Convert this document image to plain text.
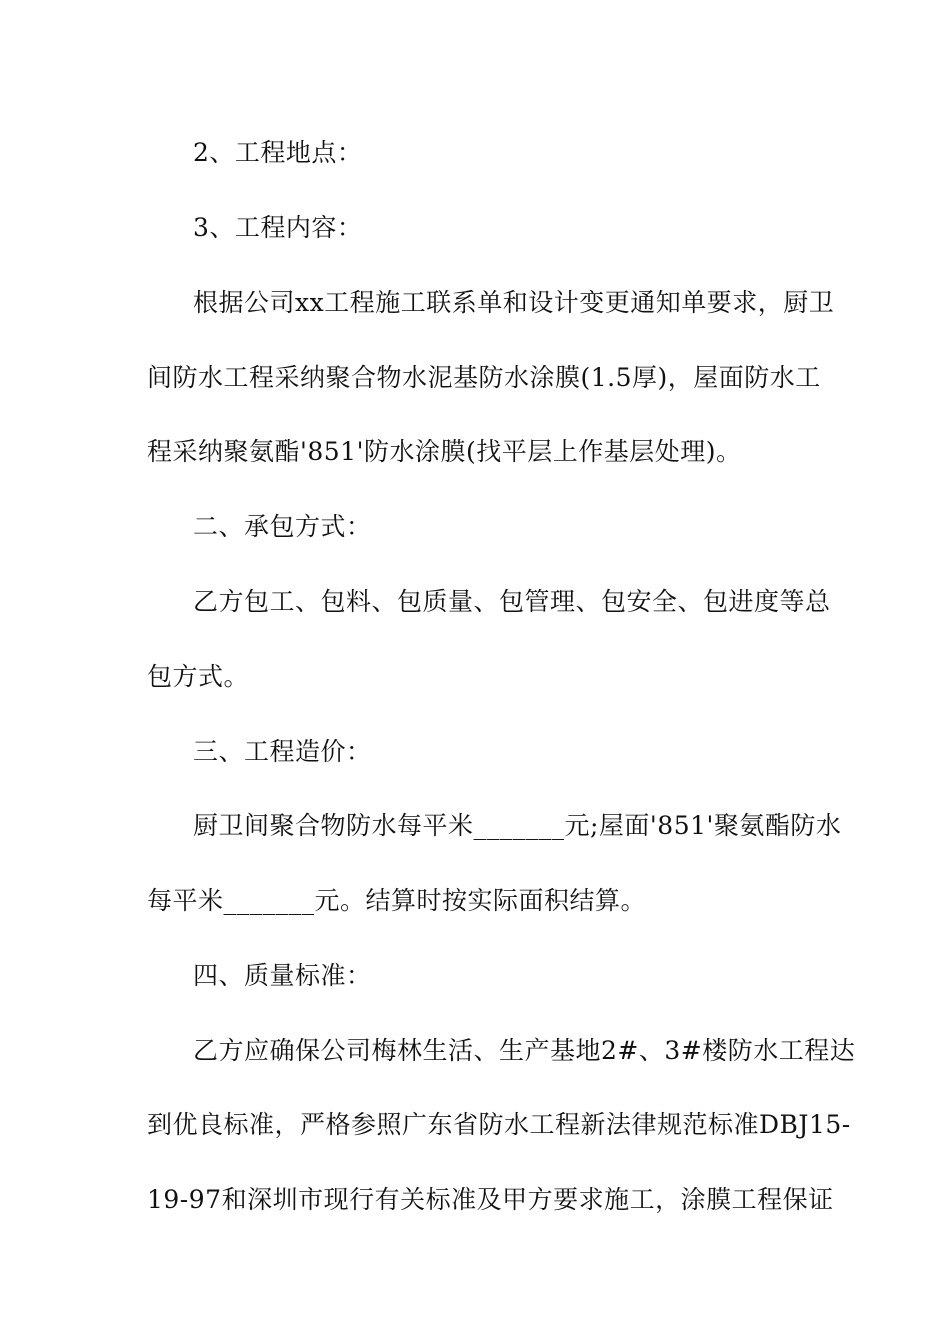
2、工程地点：
3、工程内容：
根据公司xx工程施工联系单和设计变更通知单要求，厨卫
间防水工程采纳聚合物水泥基防水涂膜(1.5厚)，屋面防水工
程采纳聚氨酯'851'防水涂膜(找平层上作基层处理)。
二、承包方式：
乙方包工、包料、包质量、包管理、包安全、包进度等总
包方式。
三、工程造价：
厨卫间聚合物防水每平米_______元;屋面'851'聚氨酯防水
每平米_______元。结算时按实际面积结算。
四、质量标准：
乙方应确保公司梅林生活、生产基地2#、3#楼防水工程达
到优良标准，严格参照广东省防水工程新法律规范标准DBJ15-
19-97和深圳市现行有关标准及甲方要求施工，涂膜工程保证
